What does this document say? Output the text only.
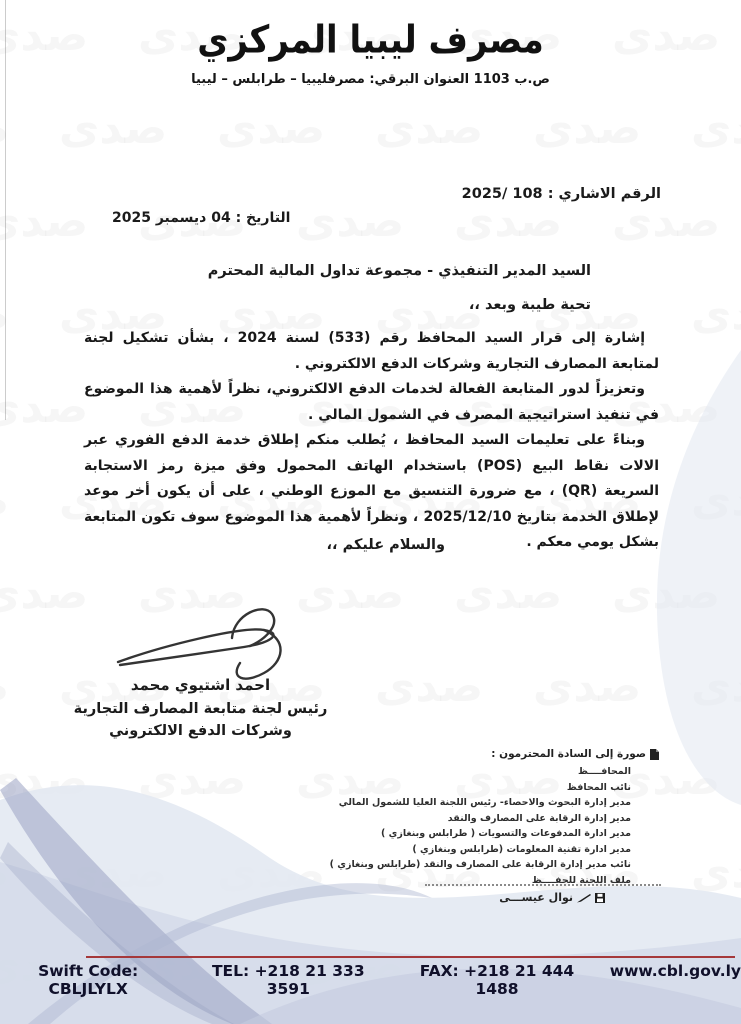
مصرف ليبيا المركزي
ص.ب 1103 العنوان البرقي: مصرفليبيا – طرابلس – ليبيا
الرقم الاشاري : 2025/ 108
التاريخ : 04 ديسمبر 2025
السيد المدير التنفيذي - مجموعة تداول المالية المحترم
تحية طيبة وبعد ،،
إشارة إلى قرار السيد المحافظ رقم (533) لسنة 2024 ، بشأن تشكيل لجنة لمتابعة المصارف التجارية وشركات الدفع الالكتروني .
وتعزيزاً لدور المتابعة الفعالة لخدمات الدفع الالكتروني، نظراً لأهمية هذا الموضوع في تنفيذ استراتيجية المصرف في الشمول المالي .
وبناءً على تعليمات السيد المحافظ ، يُطلب منكم إطلاق خدمة الدفع الفوري عبر الالات نقاط البيع (POS) باستخدام الهاتف المحمول وفق ميزة رمز الاستجابة السريعة (QR) ، مع ضرورة التنسيق مع الموزع الوطني ، على أن يكون أخر موعد لإطلاق الخدمة بتاريخ 2025/12/10 ، ونظراً لأهمية هذا الموضوع سوف تكون المتابعة بشكل يومي معكم .
والسلام عليكم ،،
احمد اشتيوي محمد
رئيس لجنة متابعة المصارف التجارية
وشركات الدفع الالكتروني
صورة إلى السادة المحترمون :
المحافــــظ
نائب المحافظ
مدير إدارة البحوث والاحصاء- رئيس اللجنة العليا للشمول المالي
مدير إدارة الرقابة على المصارف والنقد
مدير ادارة المدفوعات والتسويات ( طرابلس وبنغازي )
مدير ادارة تقنية المعلومات (طرابلس وبنغازي )
نائب مدير إدارة الرقابة على المصارف والنقد (طرابلس وبنغازي )
ملف اللجنة للحفــــظ
نوال عيســـى
Swift Code: CBLJLYLX
TEL: +218 21 333 3591
FAX: +218 21 444 1488
www.cbl.gov.ly
